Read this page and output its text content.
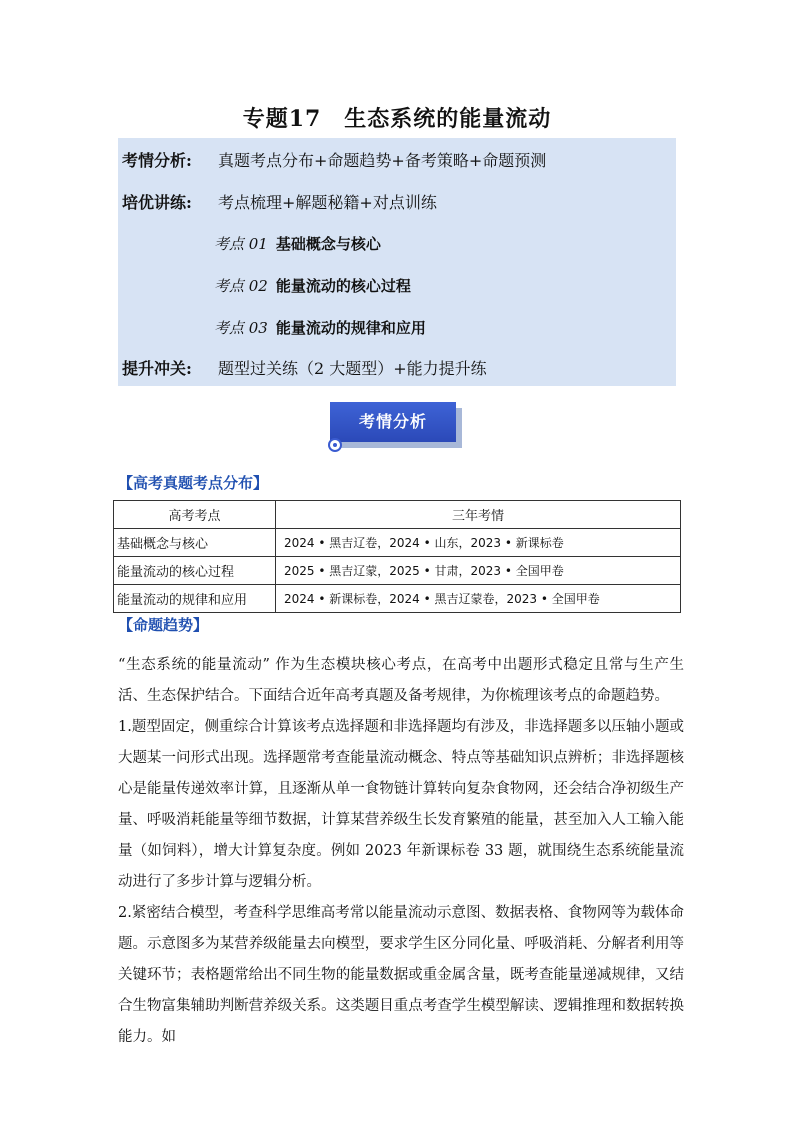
专题17　生态系统的能量流动
考情分析: 真题考点分布+命题趋势+备考策略+命题预测
培优讲练: 考点梳理+解题秘籍+对点训练
考点 01 基础概念与核心
考点 02 能量流动的核心过程
考点 03 能量流动的规律和应用
提升冲关: 题型过关练（2 大题型）+能力提升练
考情分析
【高考真题考点分布】
高考考点	三年考情
基础概念与核心	2024 • 黑吉辽卷，2024 • 山东，2023 • 新课标卷
能量流动的核心过程	2025 • 黑吉辽蒙，2025 • 甘肃，2023 • 全国甲卷
能量流动的规律和应用	2024 • 新课标卷，2024 • 黑吉辽蒙卷，2023 • 全国甲卷
【命题趋势】

“生态系统的能量流动” 作为生态模块核心考点，在高考中出题形式稳定且常与生产生活、生态保护结合。下面结合近年高考真题及备考规律，为你梳理该考点的命题趋势。

1.题型固定，侧重综合计算该考点选择题和非选择题均有涉及，非选择题多以压轴小题或大题某一问形式出现。选择题常考查能量流动概念、特点等基础知识点辨析；非选择题核心是能量传递效率计算，且逐渐从单一食物链计算转向复杂食物网，还会结合净初级生产量、呼吸消耗能量等细节数据，计算某营养级生长发育繁殖的能量，甚至加入人工输入能量（如饲料），增大计算复杂度。例如 2023 年新课标卷 33 题，就围绕生态系统能量流动进行了多步计算与逻辑分析。

2.紧密结合模型，考查科学思维高考常以能量流动示意图、数据表格、食物网等为载体命题。示意图多为某营养级能量去向模型，要求学生区分同化量、呼吸消耗、分解者利用等关键环节；表格题常给出不同生物的能量数据或重金属含量，既考查能量递减规律，又结合生物富集辅助判断营养级关系。这类题目重点考查学生模型解读、逻辑推理和数据转换能力。如
